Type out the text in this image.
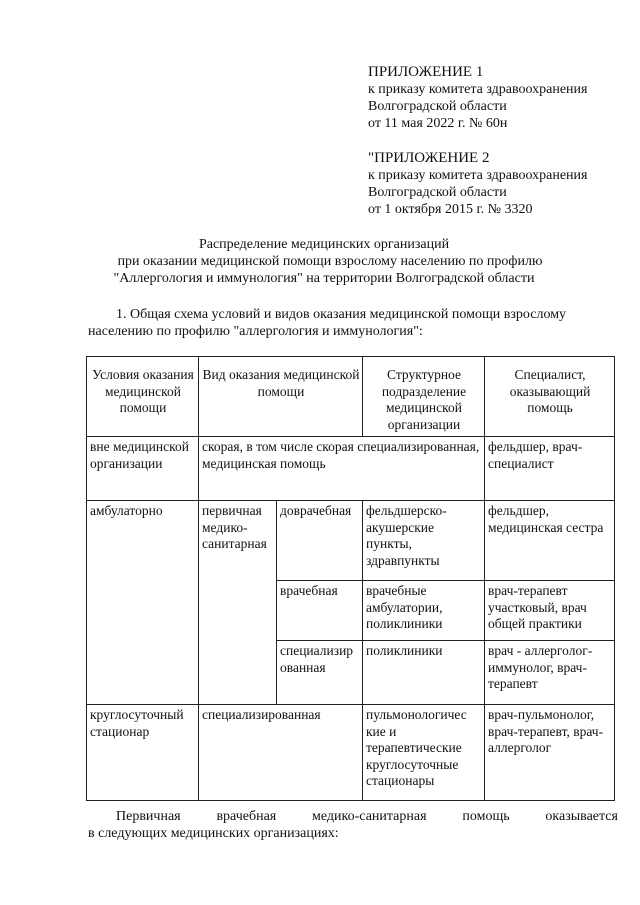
ПРИЛОЖЕНИЕ 1
к приказу комитета здравоохранения
Волгоградской области
от 11 мая 2022 г. № 60н
"ПРИЛОЖЕНИЕ 2
к приказу комитета здравоохранения
Волгоградской области
от 1 октября 2015 г. № 3320
Распределение медицинских организаций
при оказании медицинской помощи взрослому населению по профилю
"Аллергология и иммунология" на территории Волгоградской области
1. Общая схема условий и видов оказания медицинской помощи взрослому
населению по профилю "аллергология и иммунология":
Условия оказания медицинской помощи	Вид оказания медицинской помощи		Структурное подразделение медицинской организации	Специалист, оказывающий помощь
вне медицинской организации	скорая, в том числе скорая специализированная, медицинская помощь			фельдшер, врач-специалист
амбулаторно	первичная медико-санитарная	доврачебная	фельдшерско-акушерские пункты, здравпункты	фельдшер, медицинская сестра
		врачебная	врачебные амбулатории, поликлиники	врач-терапевт участковый, врач общей практики
		специализир ованная	поликлиники	врач - аллерголог-иммунолог, врач-терапевт
круглосуточный стационар	специализированная		пульмонологичес кие и терапевтические круглосуточные стационары	врач-пульмонолог, врач-терапевт, врач-аллерголог
Первичная	врачебная	медико-санитарная	помощь	оказывается
в следующих медицинских организациях:
